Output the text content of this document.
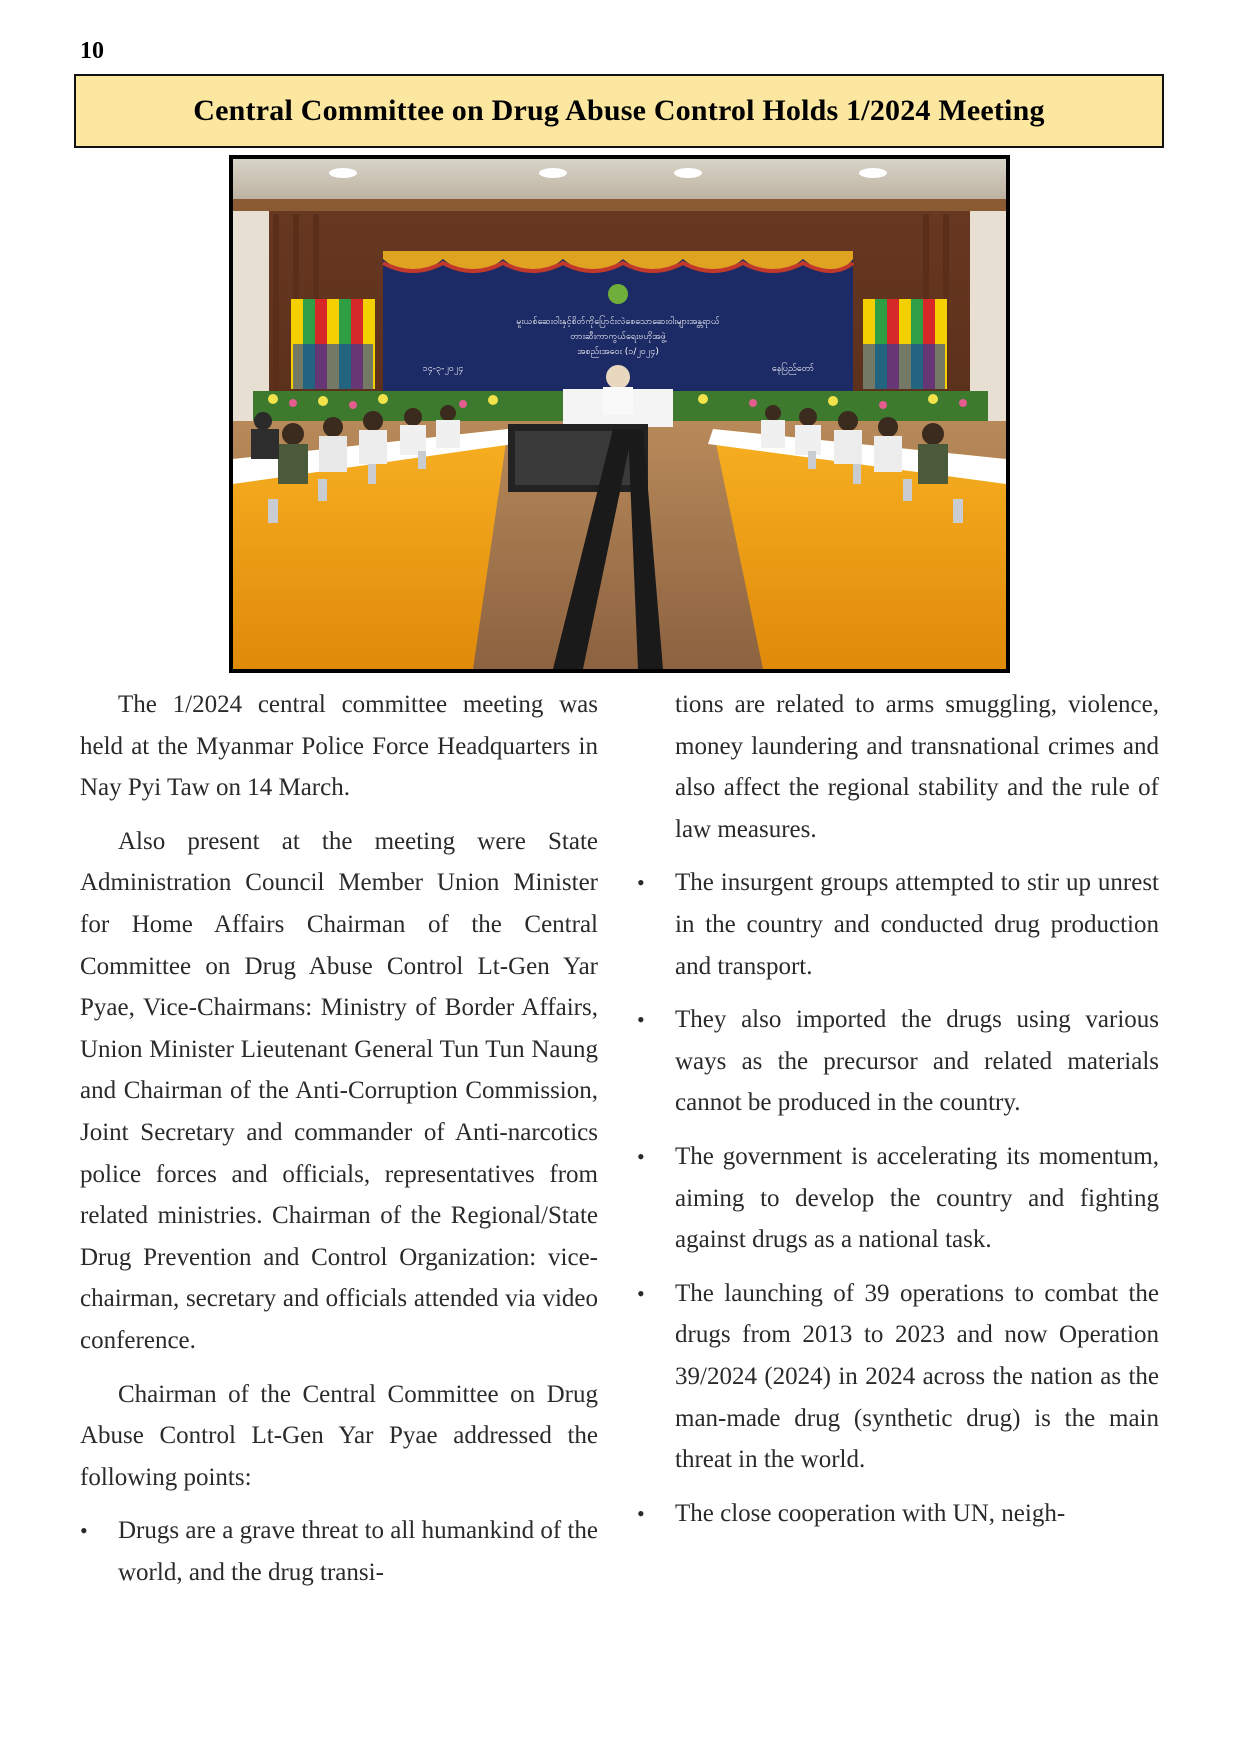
10
Central Committee on Drug Abuse Control Holds 1/2024 Meeting
မူးယစ်ဆေးဝါးနှင့်စိတ်ကိုပြောင်းလဲစေသောဆေးဝါးများအန္တရာယ်
တားဆီးကာကွယ်ရေးဗဟိုအဖွဲ့
အစည်းအဝေး (၁/၂၀၂၄)
၁၄-၃-၂၀၂၄	နေပြည်တော်

The 1/2024 central committee meeting was held at the Myanmar Police Force Headquarters in Nay Pyi Taw on 14 March.

Also present at the meeting were State Administration Council Member Union Minister for Home Affairs Chairman of the Central Committee on Drug Abuse Control Lt-Gen Yar Pyae, Vice-Chairmans: Ministry of Border Affairs, Union Minister Lieutenant General Tun Tun Naung and Chairman of the Anti-Corruption Commission, Joint Secretary and commander of Anti-narcotics police forces and officials, representatives from related ministries. Chairman of the Regional/State Drug Prevention and Control Organization: vice-chairman, secretary and officials attended via video conference.

Chairman of the Central Committee on Drug Abuse Control Lt-Gen Yar Pyae addressed the following points:

•	Drugs are a grave threat to all humankind of the world, and the drug transi-

tions are related to arms smuggling, violence, money laundering and transnational crimes and also affect the regional stability and the rule of law measures.

•	The insurgent groups attempted to stir up unrest in the country and conducted drug production and transport.
•	They also imported the drugs using various ways as the precursor and related materials cannot be produced in the country.
•	The government is accelerating its momentum, aiming to develop the country and fighting against drugs as a national task.
•	The launching of 39 operations to combat the drugs from 2013 to 2023 and now Operation 39/2024 (2024) in 2024 across the nation as the man-made drug (synthetic drug) is the main threat in the world.
•	The close cooperation with UN, neigh-
